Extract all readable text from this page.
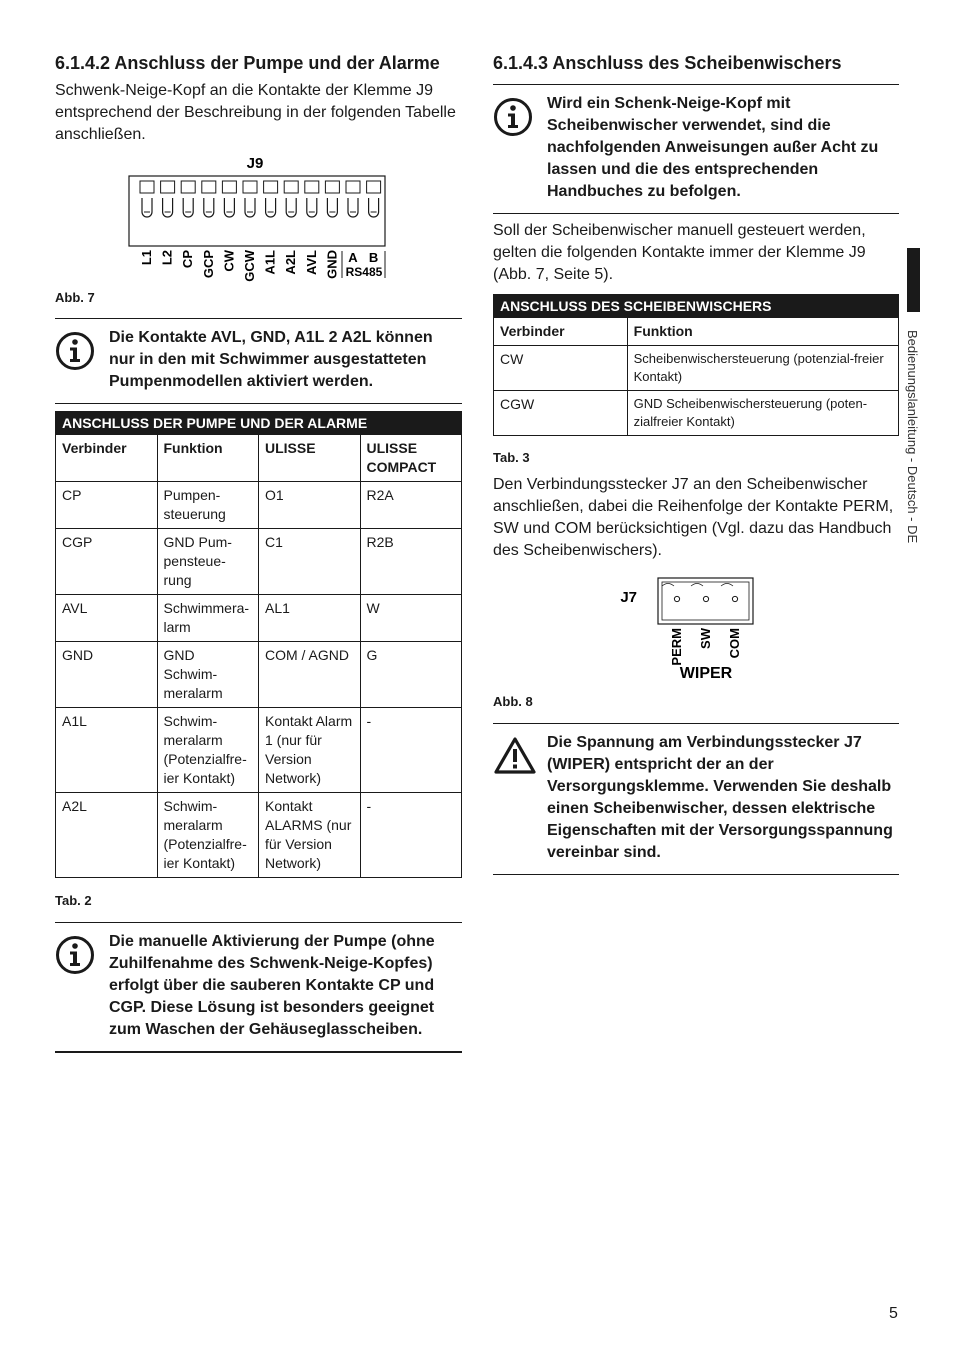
6.1.4.2 Anschluss der Pumpe und der Alarme

Schwenk-Neige-Kopf an die Kontakte der Klemme J9 entsprechend der Beschreibung in der folgenden Tabelle anschließen.

J9
L1 L2 CP GCP CW GCW A1L A2L AVL GND A B
RS485

Abb. 7

Die Kontakte AVL, GND, A1L 2 A2L können nur in den mit Schwimmer ausgestatteten Pumpenmodellen aktiviert werden.
ANSCHLUSS DER PUMPE UND DER ALARME
Verbinder	Funktion	ULISSE	ULISSE COMPACT
CP	Pumpen-steuerung	O1	R2A
CGP	GND Pum-pensteue-rung	C1	R2B
AVL	Schwimmera-larm	AL1	W
GND	GND Schwim-meralarm	COM / AGND	G
A1L	Schwim-meralarm (Potenzialfre-ier Kontakt)	Kontakt Alarm 1 (nur für Version Network)	-
A2L	Schwim-meralarm (Potenzialfre-ier Kontakt)	Kontakt ALARMS (nur für Version Network)	-

Tab. 2

Die manuelle Aktivierung der Pumpe (ohne Zuhilfenahme des Schwenk-Neige-Kopfes) erfolgt über die sauberen Kontakte CP und CGP. Diese Lösung ist besonders geeignet zum Waschen der Gehäuseglasscheiben.
6.1.4.3 Anschluss des Scheibenwischers
Wird ein Schenk-Neige-Kopf mit Scheibenwischer verwendet, sind die nachfolgenden Anweisungen außer Acht zu lassen und die des entsprechenden Handbuches zu befolgen.

Soll der Scheibenwischer manuell gesteuert werden, gelten die folgenden Kontakte immer der Klemme J9 (Abb. 7, Seite 5).

ANSCHLUSS DES SCHEIBENWISCHERS
Verbinder	Funktion
CW	Scheibenwischersteuerung (potenzial-freier Kontakt)
CGW	GND Scheibenwischersteuerung (poten-zialfreier Kontakt)

Tab. 3

Den Verbindungsstecker J7 an den Scheibenwischer anschließen, dabei die Reihenfolge der Kontakte PERM, SW und COM berücksichtigen (Vgl. dazu das Handbuch des Scheibenwischers).

J7
PERM SW COM
WIPER

Abb. 8

Die Spannung am Verbindungsstecker J7 (WIPER) entspricht der an der Versorgungsklemme. Verwenden Sie deshalb einen Scheibenwischer, dessen elektrische Eigenschaften mit der Versorgungsspannung vereinbar sind.
Bedienungslanleitung - Deutsch - DE
5
